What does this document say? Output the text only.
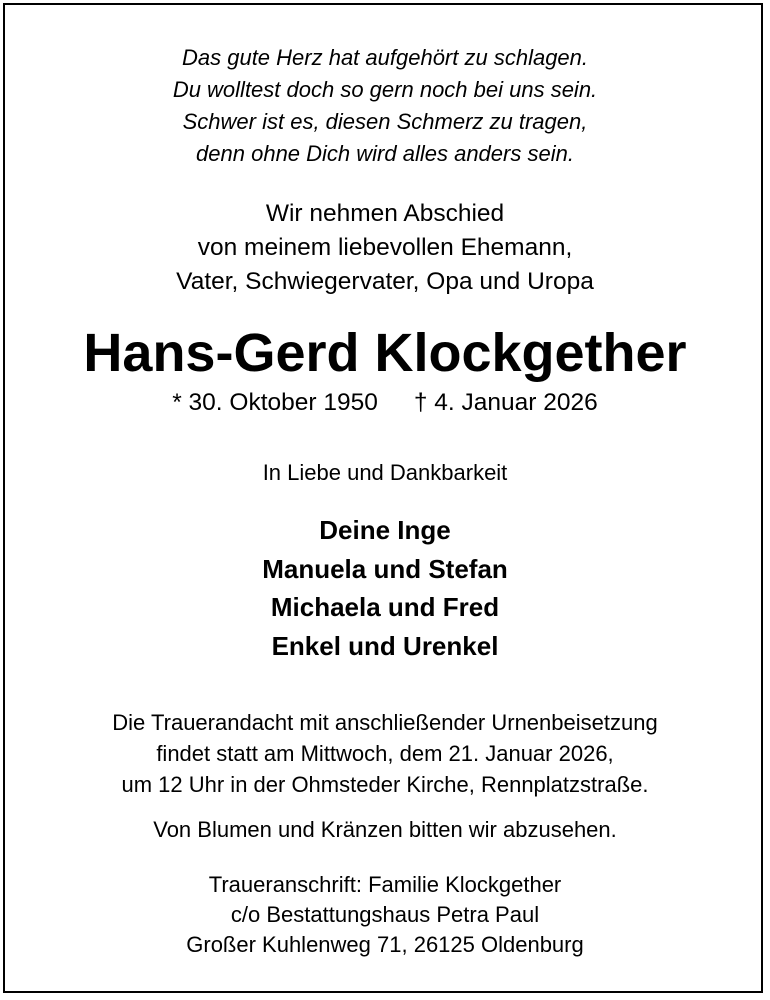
Das gute Herz hat aufgehört zu schlagen.
Du wolltest doch so gern noch bei uns sein.
Schwer ist es, diesen Schmerz zu tragen,
denn ohne Dich wird alles anders sein.
Wir nehmen Abschied
von meinem liebevollen Ehemann,
Vater, Schwiegervater, Opa und Uropa
Hans-Gerd Klockgether
* 30. Oktober 1950 † 4. Januar 2026
In Liebe und Dankbarkeit
Deine Inge
Manuela und Stefan
Michaela und Fred
Enkel und Urenkel
Die Trauerandacht mit anschließender Urnenbeisetzung
findet statt am Mittwoch, dem 21. Januar 2026,
um 12 Uhr in der Ohmsteder Kirche, Rennplatzstraße.
Von Blumen und Kränzen bitten wir abzusehen.
Traueranschrift: Familie Klockgether
c/o Bestattungshaus Petra Paul
Großer Kuhlenweg 71, 26125 Oldenburg
